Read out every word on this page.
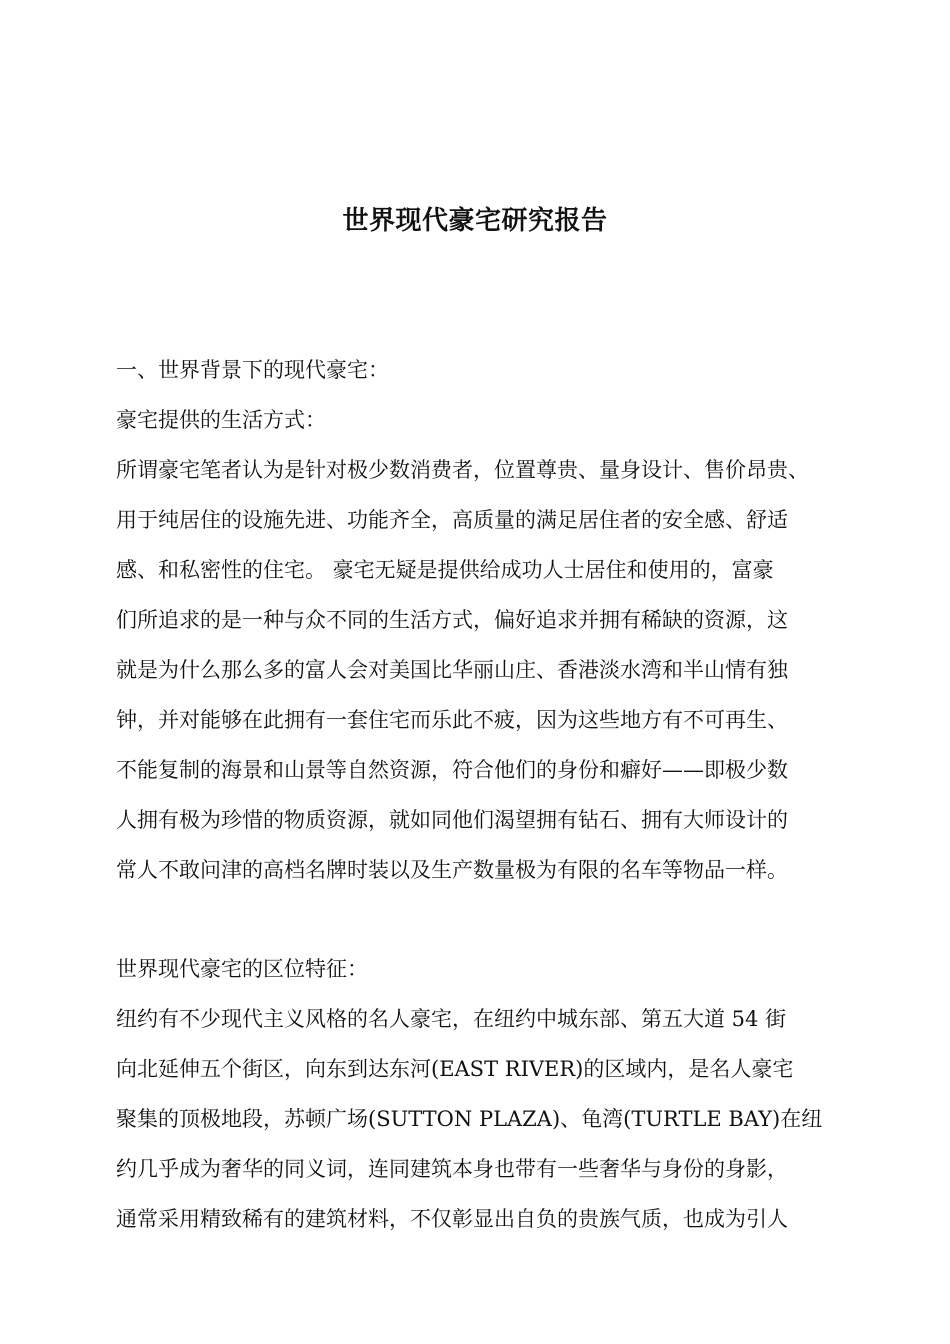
世界现代豪宅研究报告
一、世界背景下的现代豪宅：
豪宅提供的生活方式：
所谓豪宅笔者认为是针对极少数消费者，位置尊贵、量身设计、售价昂贵、
用于纯居住的设施先进、功能齐全，高质量的满足居住者的安全感、舒适
感、和私密性的住宅。 豪宅无疑是提供给成功人士居住和使用的，富豪
们所追求的是一种与众不同的生活方式，偏好追求并拥有稀缺的资源，这
就是为什么那么多的富人会对美国比华丽山庄、香港淡水湾和半山情有独
钟，并对能够在此拥有一套住宅而乐此不疲，因为这些地方有不可再生、
不能复制的海景和山景等自然资源，符合他们的身份和癖好——即极少数
人拥有极为珍惜的物质资源，就如同他们渴望拥有钻石、拥有大师设计的
常人不敢问津的高档名牌时装以及生产数量极为有限的名车等物品一样。
世界现代豪宅的区位特征：
纽约有不少现代主义风格的名人豪宅，在纽约中城东部、第五大道 54 街
向北延伸五个街区，向东到达东河(EAST RIVER)的区域内，是名人豪宅
聚集的顶极地段，苏顿广场(SUTTON PLAZA)、龟湾(TURTLE BAY)在纽
约几乎成为奢华的同义词，连同建筑本身也带有一些奢华与身份的身影，
通常采用精致稀有的建筑材料，不仅彰显出自负的贵族气质，也成为引人
